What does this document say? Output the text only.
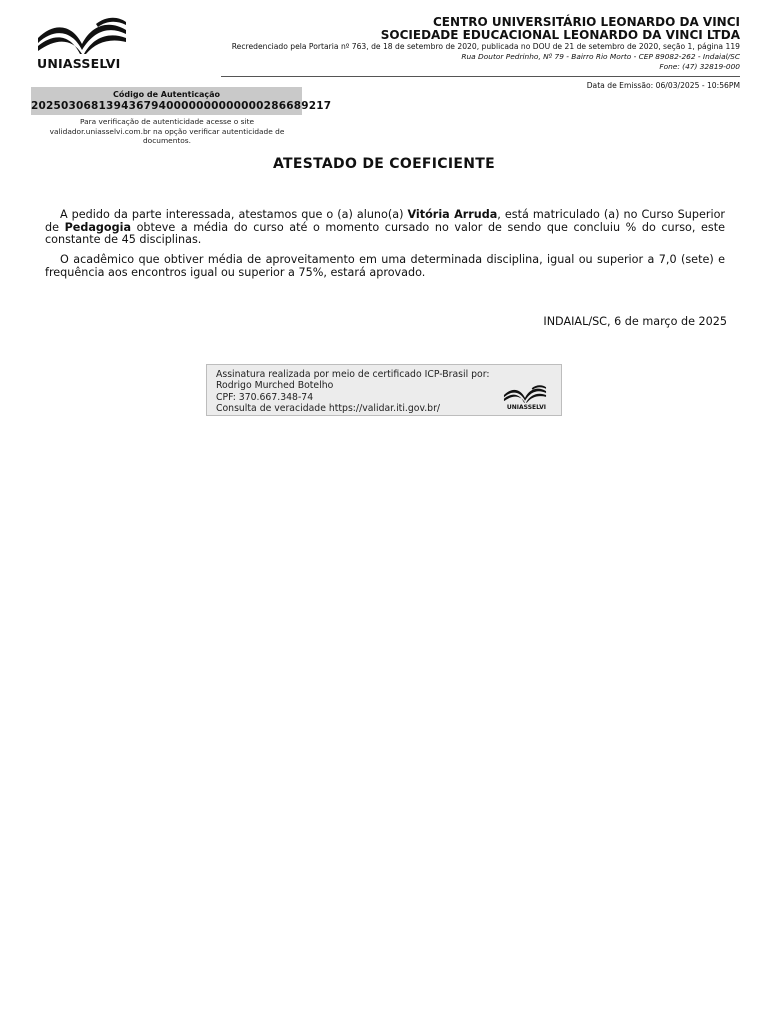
UNIASSELVI
CENTRO UNIVERSITÁRIO LEONARDO DA VINCI
SOCIEDADE EDUCACIONAL LEONARDO DA VINCI LTDA
Recredenciado pela Portaria nº 763, de 18 de setembro de 2020, publicada no DOU de 21 de setembro de 2020, seção 1, página 119
Rua Doutor Pedrinho, Nº 79 - Bairro Rio Morto - CEP 89082-262 - Indaial/SC
Fone: (47) 3281​9-000
Data de Emissão: 06/03/2025 - 10:56PM
Código de Autenticação
2025030681394367940000000000000286689217
Para verificação de autenticidade acesse o site validador.uniasselvi.com.br na opção verificar autenticidade de documentos.
ATESTADO DE COEFICIENTE
A pedido da parte interessada, atestamos que o (a) aluno(a) Vitória Arruda, está matriculado (a) no Curso Superior de Pedagogia obteve a média do curso até o momento cursado no valor de sendo que concluiu % do curso, este constante de 45 disciplinas.
O acadêmico que obtiver média de aproveitamento em uma determinada disciplina, igual ou superior a 7,0 (sete) e frequência aos encontros igual ou superior a 75%, estará aprovado.
INDAIAL/SC, 6 de março de 2025
Assinatura realizada por meio de certificado ICP-Brasil por:
Rodrigo Murched Botelho
CPF: 370.667.348-74
Consulta de veracidade https://validar.iti.gov.br/	UNIASSELVI
